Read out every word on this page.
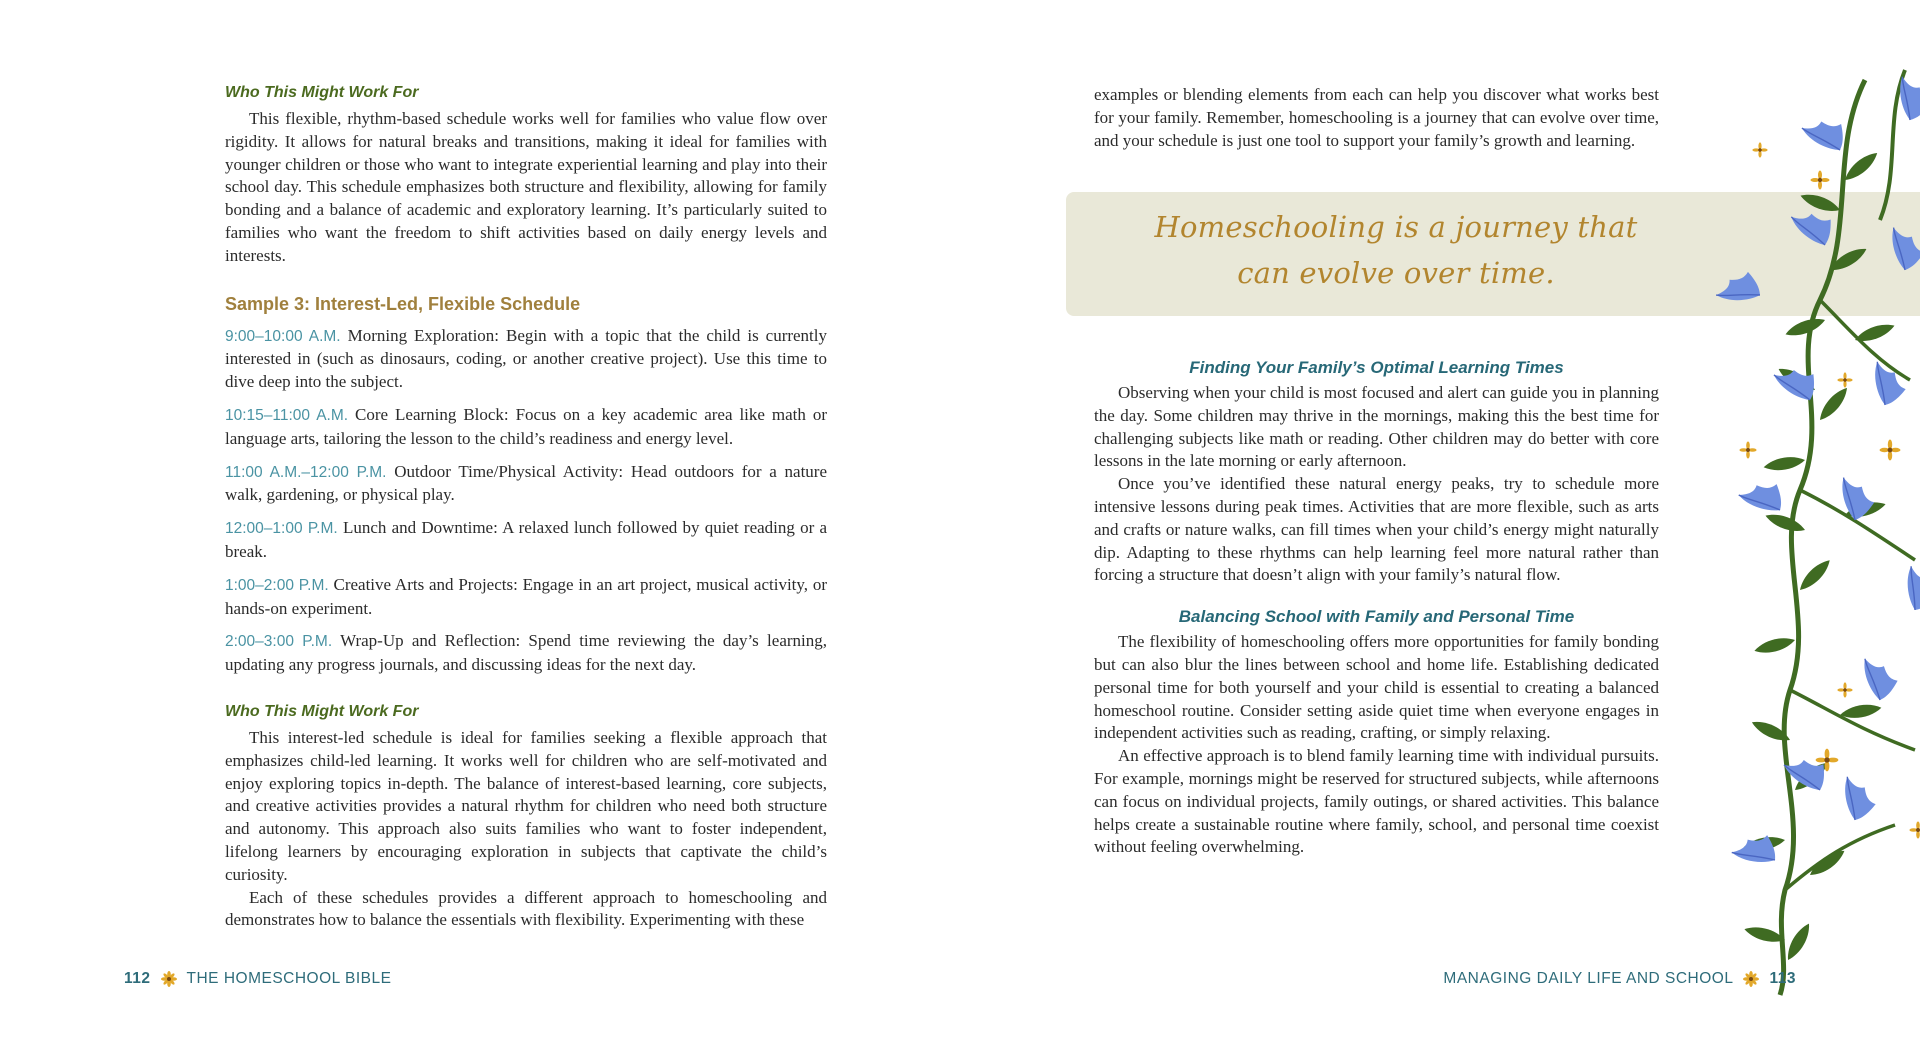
Who This Might Work For

This flexible, rhythm-based schedule works well for families who value flow over rigidity. It allows for natural breaks and transitions, making it ideal for families with younger children or those who want to integrate experiential learning and play into their school day. This schedule emphasizes both structure and flexibility, allowing for family bonding and a balance of academic and exploratory learning. It’s particularly suited to families who want the freedom to shift activities based on daily energy levels and interests.

Sample 3: Interest-Led, Flexible Schedule

9:00–10:00 A.M. Morning Exploration: Begin with a topic that the child is currently interested in (such as dinosaurs, coding, or another creative project). Use this time to dive deep into the subject.

10:15–11:00 A.M. Core Learning Block: Focus on a key academic area like math or language arts, tailoring the lesson to the child’s readiness and energy level.

11:00 A.M.–12:00 P.M. Outdoor Time/Physical Activity: Head outdoors for a nature walk, gardening, or physical play.

12:00–1:00 P.M. Lunch and Downtime: A relaxed lunch followed by quiet reading or a break.

1:00–2:00 P.M. Creative Arts and Projects: Engage in an art project, musical activity, or hands-on experiment.

2:00–3:00 P.M. Wrap-Up and Reflection: Spend time reviewing the day’s learning, updating any progress journals, and discussing ideas for the next day.

Who This Might Work For

This interest-led schedule is ideal for families seeking a flexible approach that emphasizes child-led learning. It works well for children who are self-motivated and enjoy exploring topics in-depth. The balance of interest-based learning, core subjects, and creative activities provides a natural rhythm for children who need both structure and autonomy. This approach also suits families who want to foster independent, lifelong learners by encouraging exploration in subjects that captivate the child’s curiosity.

Each of these schedules provides a different approach to homeschooling and demonstrates how to balance the essentials with flexibility. Experimenting with these

112 THE HOMESCHOOL BIBLE

examples or blending elements from each can help you discover what works best for your family. Remember, homeschooling is a journey that can evolve over time, and your schedule is just one tool to support your family’s growth and learning.

Homeschooling is a journey that
can evolve over time.
Finding Your Family’s Optimal Learning Times

Observing when your child is most focused and alert can guide you in planning the day. Some children may thrive in the mornings, making this the best time for challenging subjects like math or reading. Other children may do better with core lessons in the late morning or early afternoon.

Once you’ve identified these natural energy peaks, try to schedule more intensive lessons during peak times. Activities that are more flexible, such as arts and crafts or nature walks, can fill times when your child’s energy might naturally dip. Adapting to these rhythms can help learning feel more natural rather than forcing a structure that doesn’t align with your family’s natural flow.

Balancing School with Family and Personal Time

The flexibility of homeschooling offers more opportunities for family bonding but can also blur the lines between school and home life. Establishing dedicated personal time for both yourself and your child is essential to creating a balanced homeschool routine. Consider setting aside quiet time when everyone engages in independent activities such as reading, crafting, or simply relaxing.

An effective approach is to blend family learning time with individual pursuits. For example, mornings might be reserved for structured subjects, while afternoons can focus on individual projects, family outings, or shared activities. This balance helps create a sustainable routine where family, school, and personal time coexist without feeling overwhelming.

MANAGING DAILY LIFE AND SCHOOL 113
